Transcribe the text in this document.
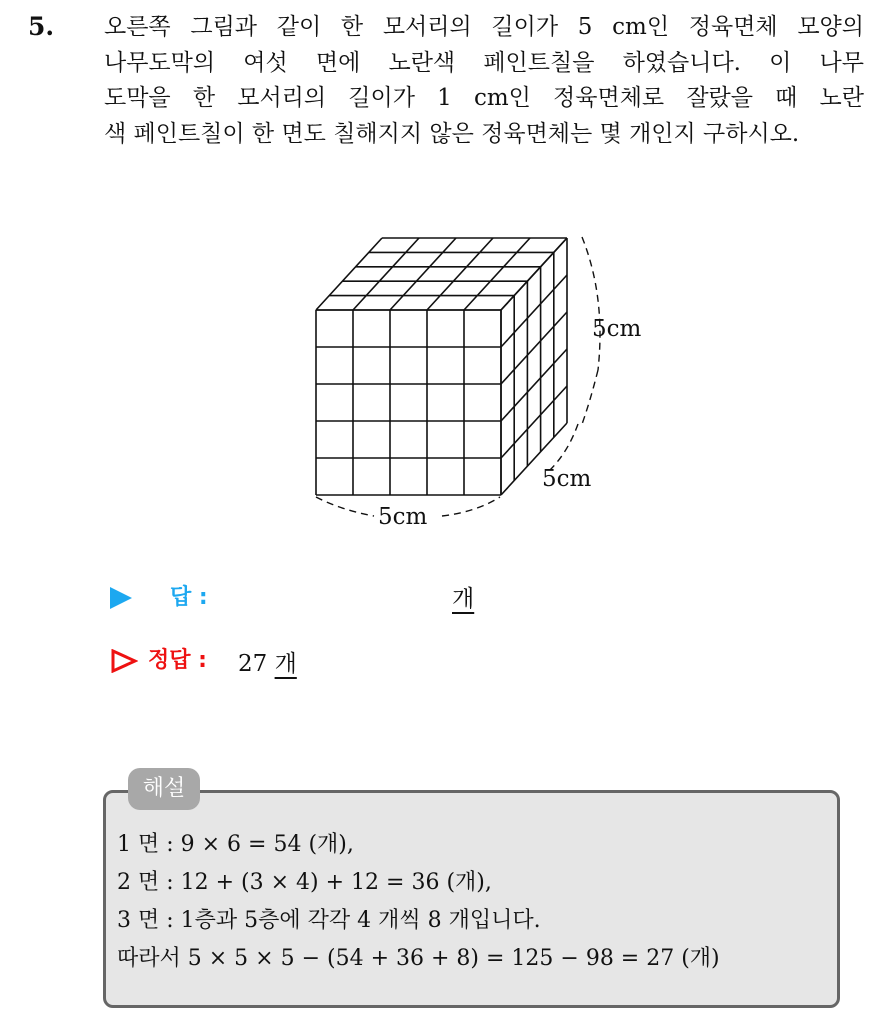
5. 오른쪽 그림과 같이 한 모서리의 길이가 5 cm인 정육면체 모양의
나무도막의 여섯 면에 노란색 페인트칠을 하였습니다. 이 나무
도막을 한 모서리의 길이가 1 cm인 정육면체로 잘랐을 때 노란
색 페인트칠이 한 면도 칠해지지 않은 정육면체는 몇 개인지 구하시오.
5cm
5cm
5cm
답 :	개
정답 : 27 개
해설
1 면 : 9 × 6 = 54 (개),
2 면 : 12 + (3 × 4) + 12 = 36 (개),
3 면 : 1층과 5층에 각각 4 개씩 8 개입니다.
따라서 5 × 5 × 5 − (54 + 36 + 8) = 125 − 98 = 27 (개)
